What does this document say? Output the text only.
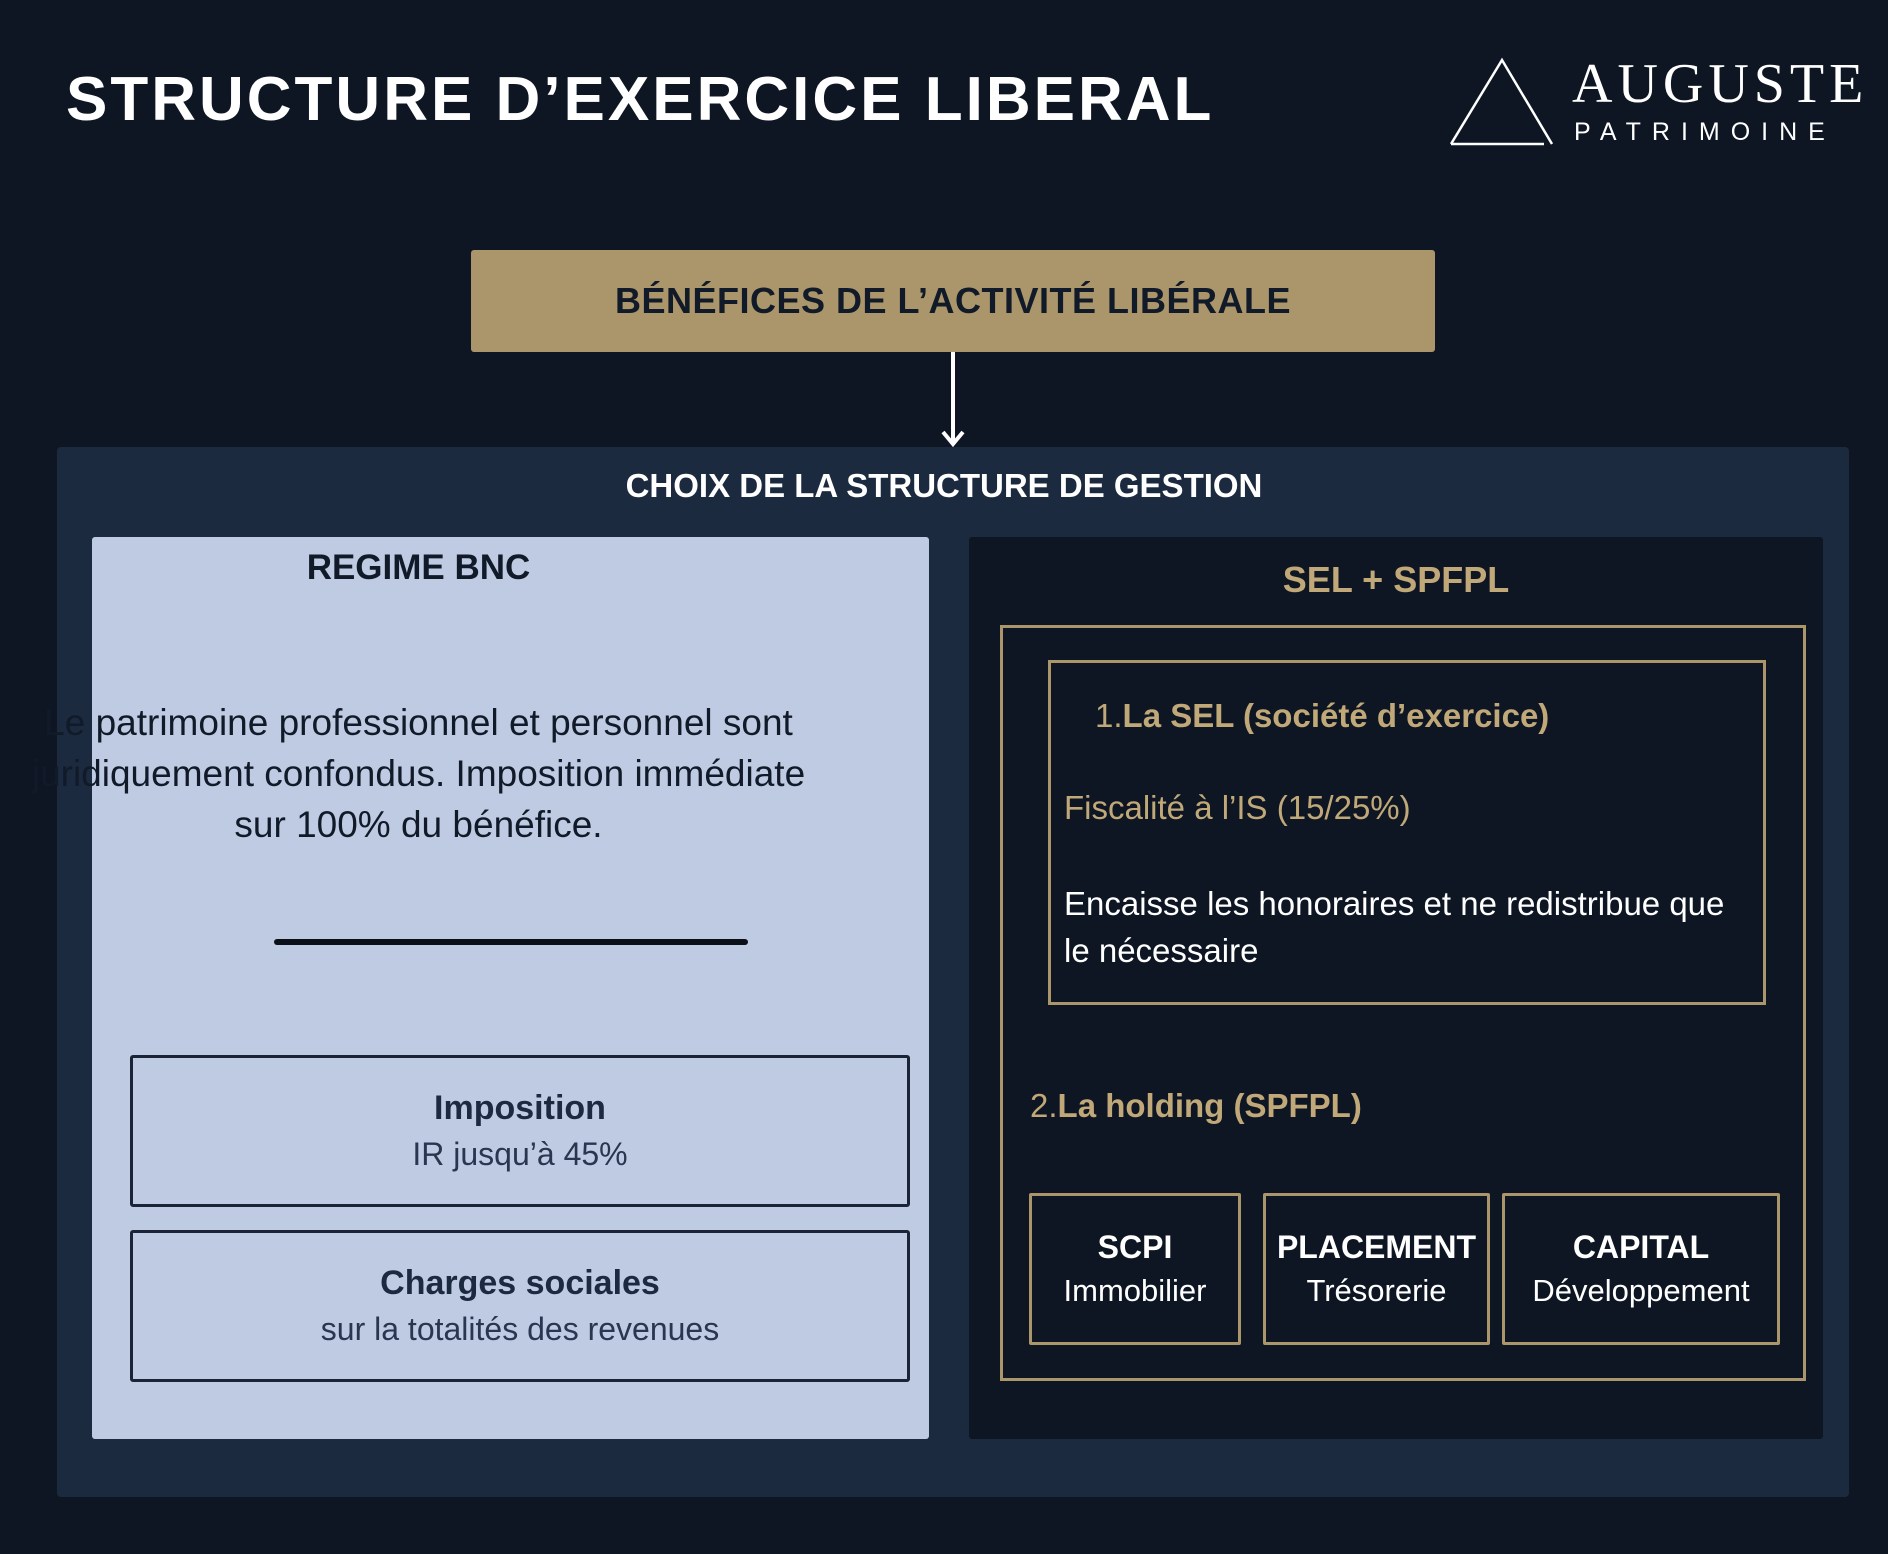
STRUCTURE D’EXERCICE LIBERAL	AUGUSTE
PATRIMOINE
BÉNÉFICES DE L’ACTIVITÉ LIBÉRALE
CHOIX DE LA STRUCTURE DE GESTION
REGIME BNC
Le patrimoine professionnel et personnel sont juridiquement confondus. Imposition immédiate sur 100% du bénéfice.
Imposition
IR jusqu’à 45%
Charges sociales
sur la totalités des revenues
SEL + SPFPL
1.La SEL (société d’exercice)
Fiscalité à l’IS (15/25%)
Encaisse les honoraires et ne redistribue que le nécessaire
2.La holding (SPFPL)
SCPI
Immobilier
PLACEMENT
Trésorerie
CAPITAL
Développement
